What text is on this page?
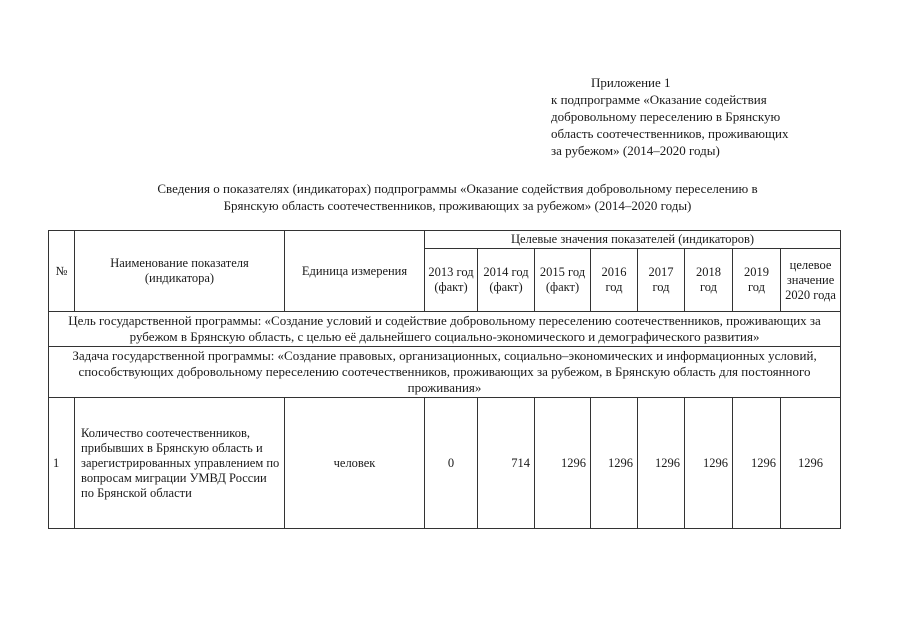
Приложение 1
к подпрограмме «Оказание содействия
добровольному переселению в Брянскую
область соотечественников, проживающих
за рубежом» (2014–2020 годы)
Сведения о показателях (индикаторах) подпрограммы «Оказание содействия добровольному переселению в
Брянскую область соотечественников, проживающих за рубежом» (2014–2020 годы)
№	Наименование показателя (индикатора)	Единица измерения	Целевые значения показателей (индикаторов)							
			2013 год (факт)	2014 год (факт)	2015 год (факт)	2016 год	2017 год	2018 год	2019 год	целевое значение 2020 года
Цель государственной программы: «Создание условий и содействие добровольному переселению соотечественников, проживающих за рубежом в Брянскую область, с целью её дальнейшего социально-экономического и демографического развития»										
Задача государственной программы: «Создание правовых, организационных, социально–экономических и информационных условий, способствующих добровольному переселению соотечественников, проживающих за рубежом, в Брянскую область для постоянного проживания»										
1	Количество соотечественников, прибывших в Брянскую область и зарегистрированных управлением по вопросам миграции УМВД России по Брянской области	человек	0	714	1296	1296	1296	1296	1296	1296
